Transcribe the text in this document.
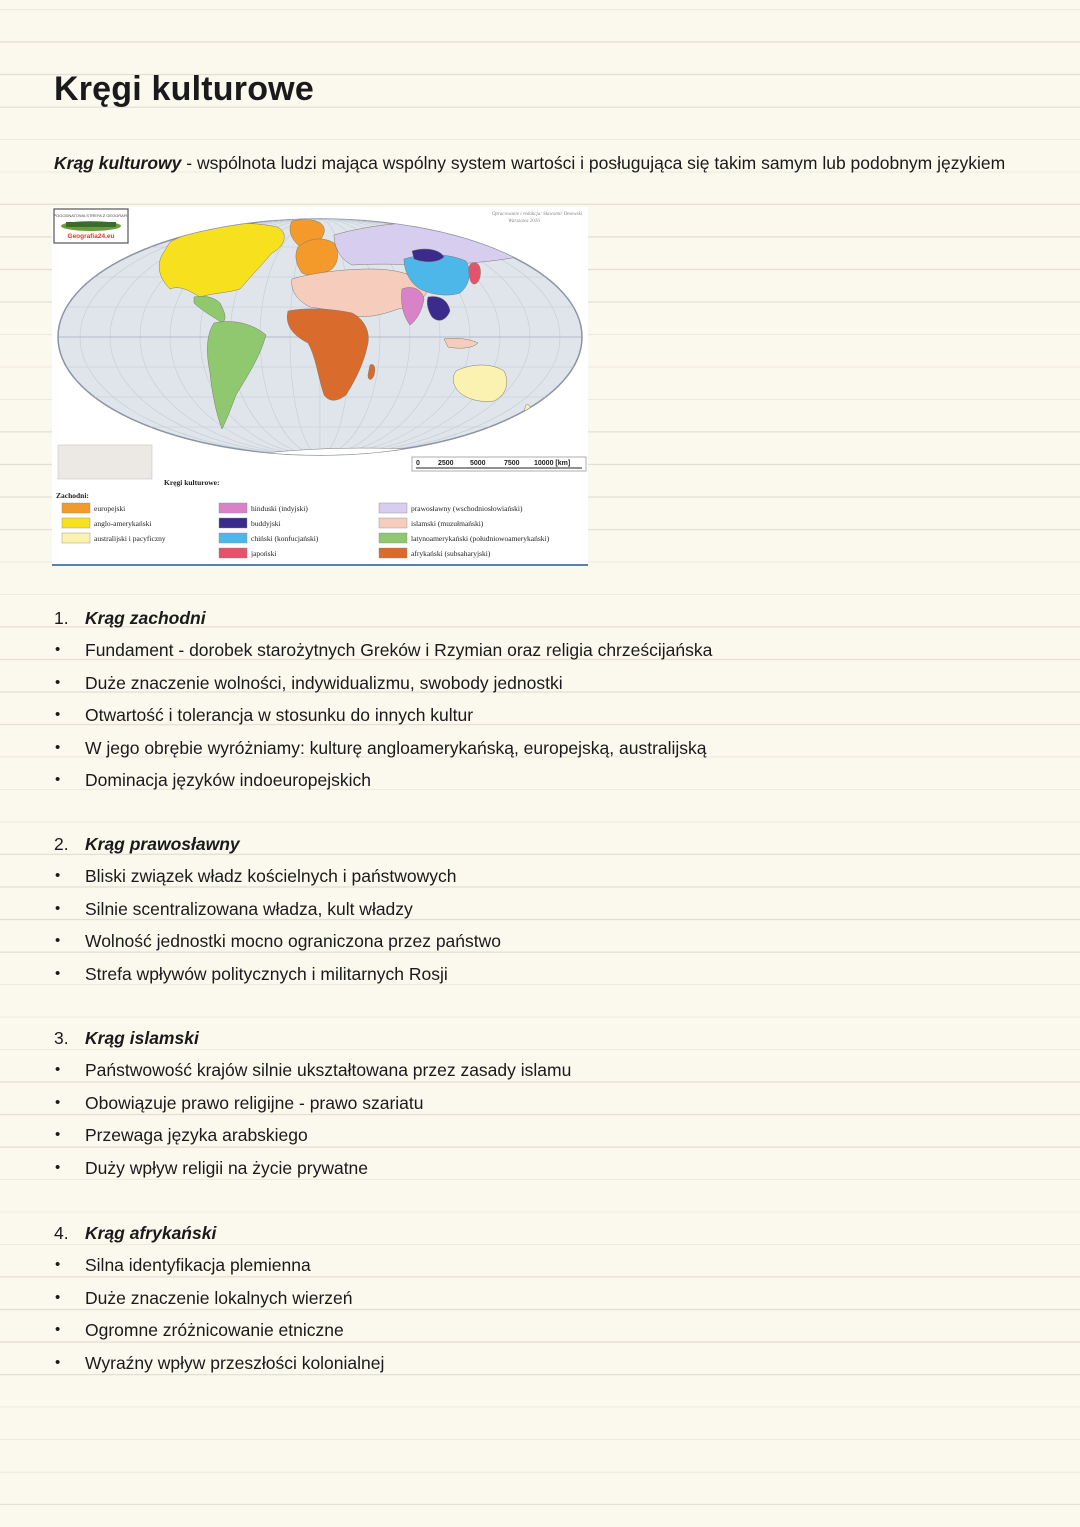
Kręgi kulturowe

Krąg kulturowy - wspólnota ludzi mająca wspólny system wartości i posługująca się takim samym lub podobnym językiem

POGODNATOWA STREFA Z GEOGRAFII
Geografia24.eu
Opracowanie i redakcja: Sławomir Dmowski
Warszawa 2016
0	2500 5000	7500 10000 [km]
Kręgi kulturowe:
Zachodni:
europejski
anglo-amerykański
australijski i pacyficzny
hinduski (indyjski)
buddyjski
chiński (konfucjański)
japoński
prawosławny (wschodniosłowiański)
islamski (muzułmański)
latynoamerykański (południowoamerykański)
afrykański (subsaharyjski)
1. Krąg zachodni
• Fundament - dorobek starożytnych Greków i Rzymian oraz religia chrześcijańska
• Duże znaczenie wolności, indywidualizmu, swobody jednostki
• Otwartość i tolerancja w stosunku do innych kultur
• W jego obrębie wyróżniamy: kulturę angloamerykańską, europejską, australijską
• Dominacja języków indoeuropejskich
2. Krąg prawosławny
• Bliski związek władz kościelnych i państwowych
• Silnie scentralizowana władza, kult władzy
• Wolność jednostki mocno ograniczona przez państwo
• Strefa wpływów politycznych i militarnych Rosji
3. Krąg islamski
• Państwowość krajów silnie ukształtowana przez zasady islamu
• Obowiązuje prawo religijne - prawo szariatu
• Przewaga języka arabskiego
• Duży wpływ religii na życie prywatne
4. Krąg afrykański
• Silna identyfikacja plemienna
• Duże znaczenie lokalnych wierzeń
• Ogromne zróżnicowanie etniczne
• Wyraźny wpływ przeszłości kolonialnej
